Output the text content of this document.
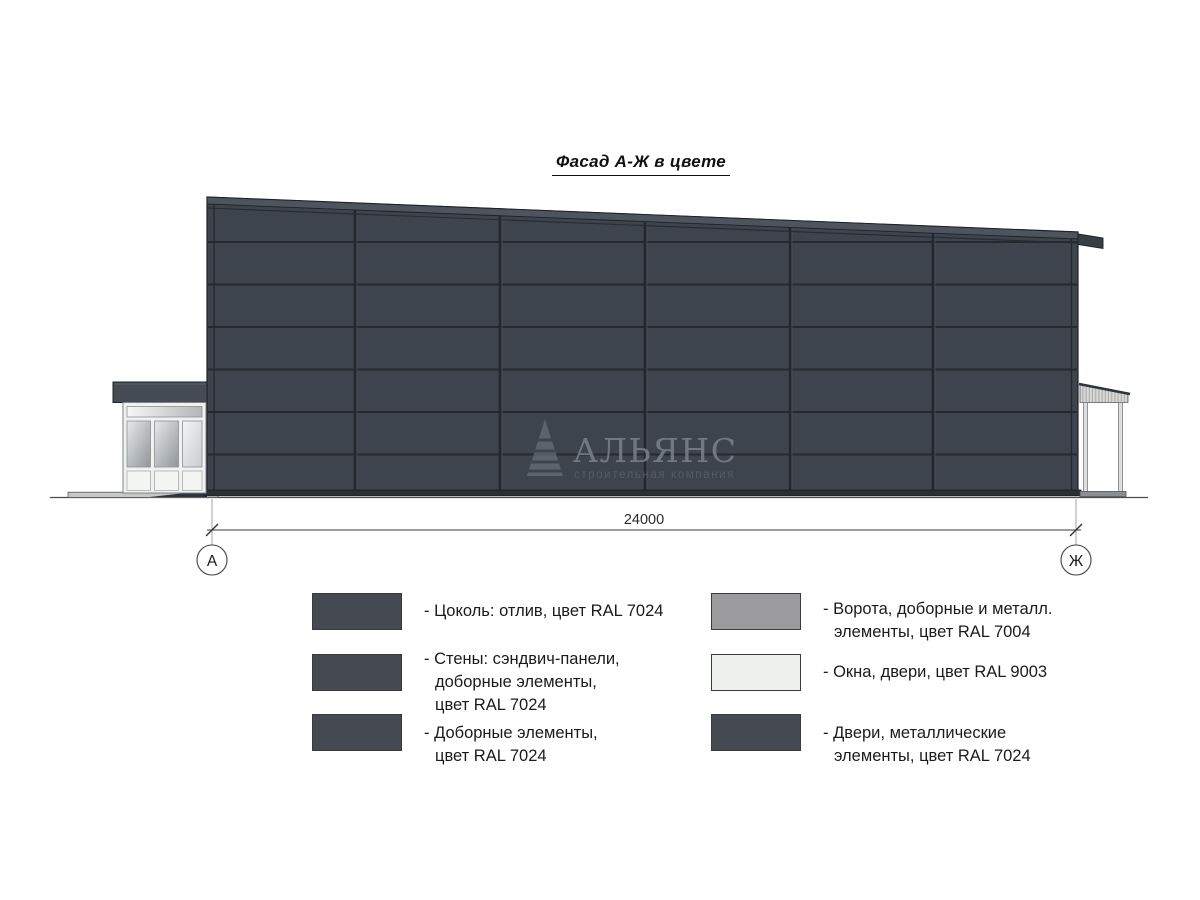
Фасад А-Ж в цвете
АЛЬЯНС
строительная компания
24000
А	Ж
- Цоколь: отлив, цвет RAL 7024
- Стены: сэндвич-панели,
доборные элементы,
цвет RAL 7024
- Доборные элементы,
цвет RAL 7024
- Ворота, доборные и металл.
элементы, цвет RAL 7004
- Окна, двери, цвет RAL 9003
- Двери, металлические
элементы, цвет RAL 7024
